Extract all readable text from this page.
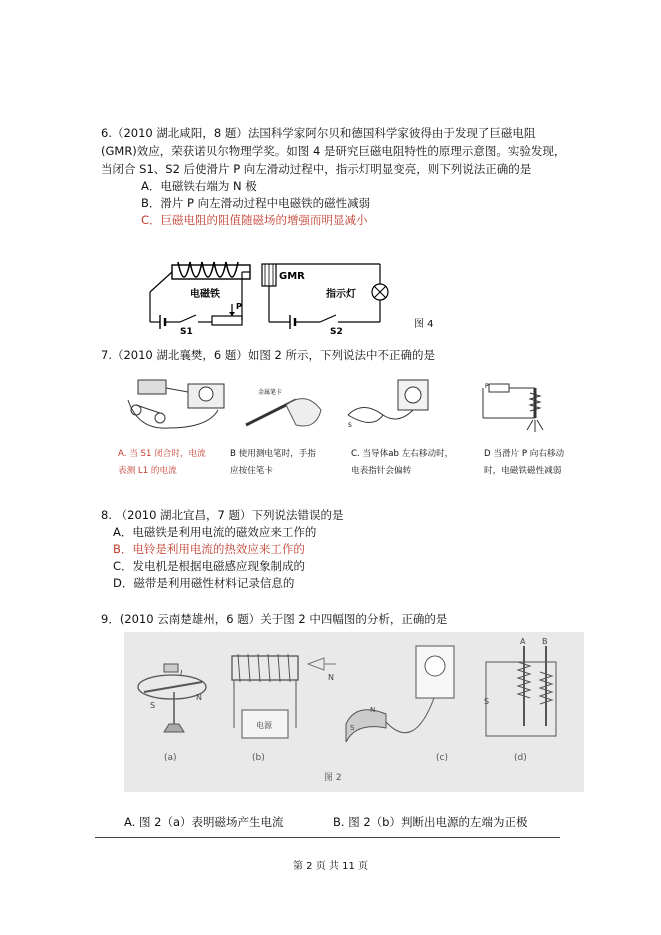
6.（2010 湖北咸阳，8 题）法国科学家阿尔贝和德国科学家彼得由于发现了巨磁电阻
(GMR)效应，荣获诺贝尔物理学奖。如图 4 是研究巨磁电阻特性的原理示意图。实验发现，
当闭合 S1、S2 后使滑片 P 向左滑动过程中，指示灯明显变亮，则下列说法正确的是
A．电磁铁右端为 N 极
B．滑片 P 向左滑动过程中电磁铁的磁性减弱
C．巨磁电阻的阻值随磁场的增强而明显减小
GMR
指示灯
S2
P
电磁铁
S1
图 4
7.（2010 湖北襄樊，6 题）如图 2 所示，下列说法中不正确的是
金属笔卡
S
P
A. 当 S1 闭合时，电流
表测 L1 的电流
B 使用测电笔时，手指
应按住笔卡
C. 当导体ab 左右移动时，
电表指针会偏转
D 当滑片 P 向右移动
时，电磁铁磁性减弱
8. （2010 湖北宜昌，7 题）下列说法错误的是
A．电磁铁是利用电流的磁效应来工作的
B．电铃是利用电流的热效应来工作的
C．发电机是根据电磁感应现象制成的
D．磁带是利用磁性材料记录信息的
9．(2010 云南楚雄州，6 题）关于图 2 中四幅图的分析，正确的是
S
N
I
(a)
N
电源
(b)
N
S
(c)
A B
S
(d)
图 2
A. 图 2（a）表明磁场产生电流	B. 图 2（b）判断出电源的左端为正极
第 2 页 共 11 页
